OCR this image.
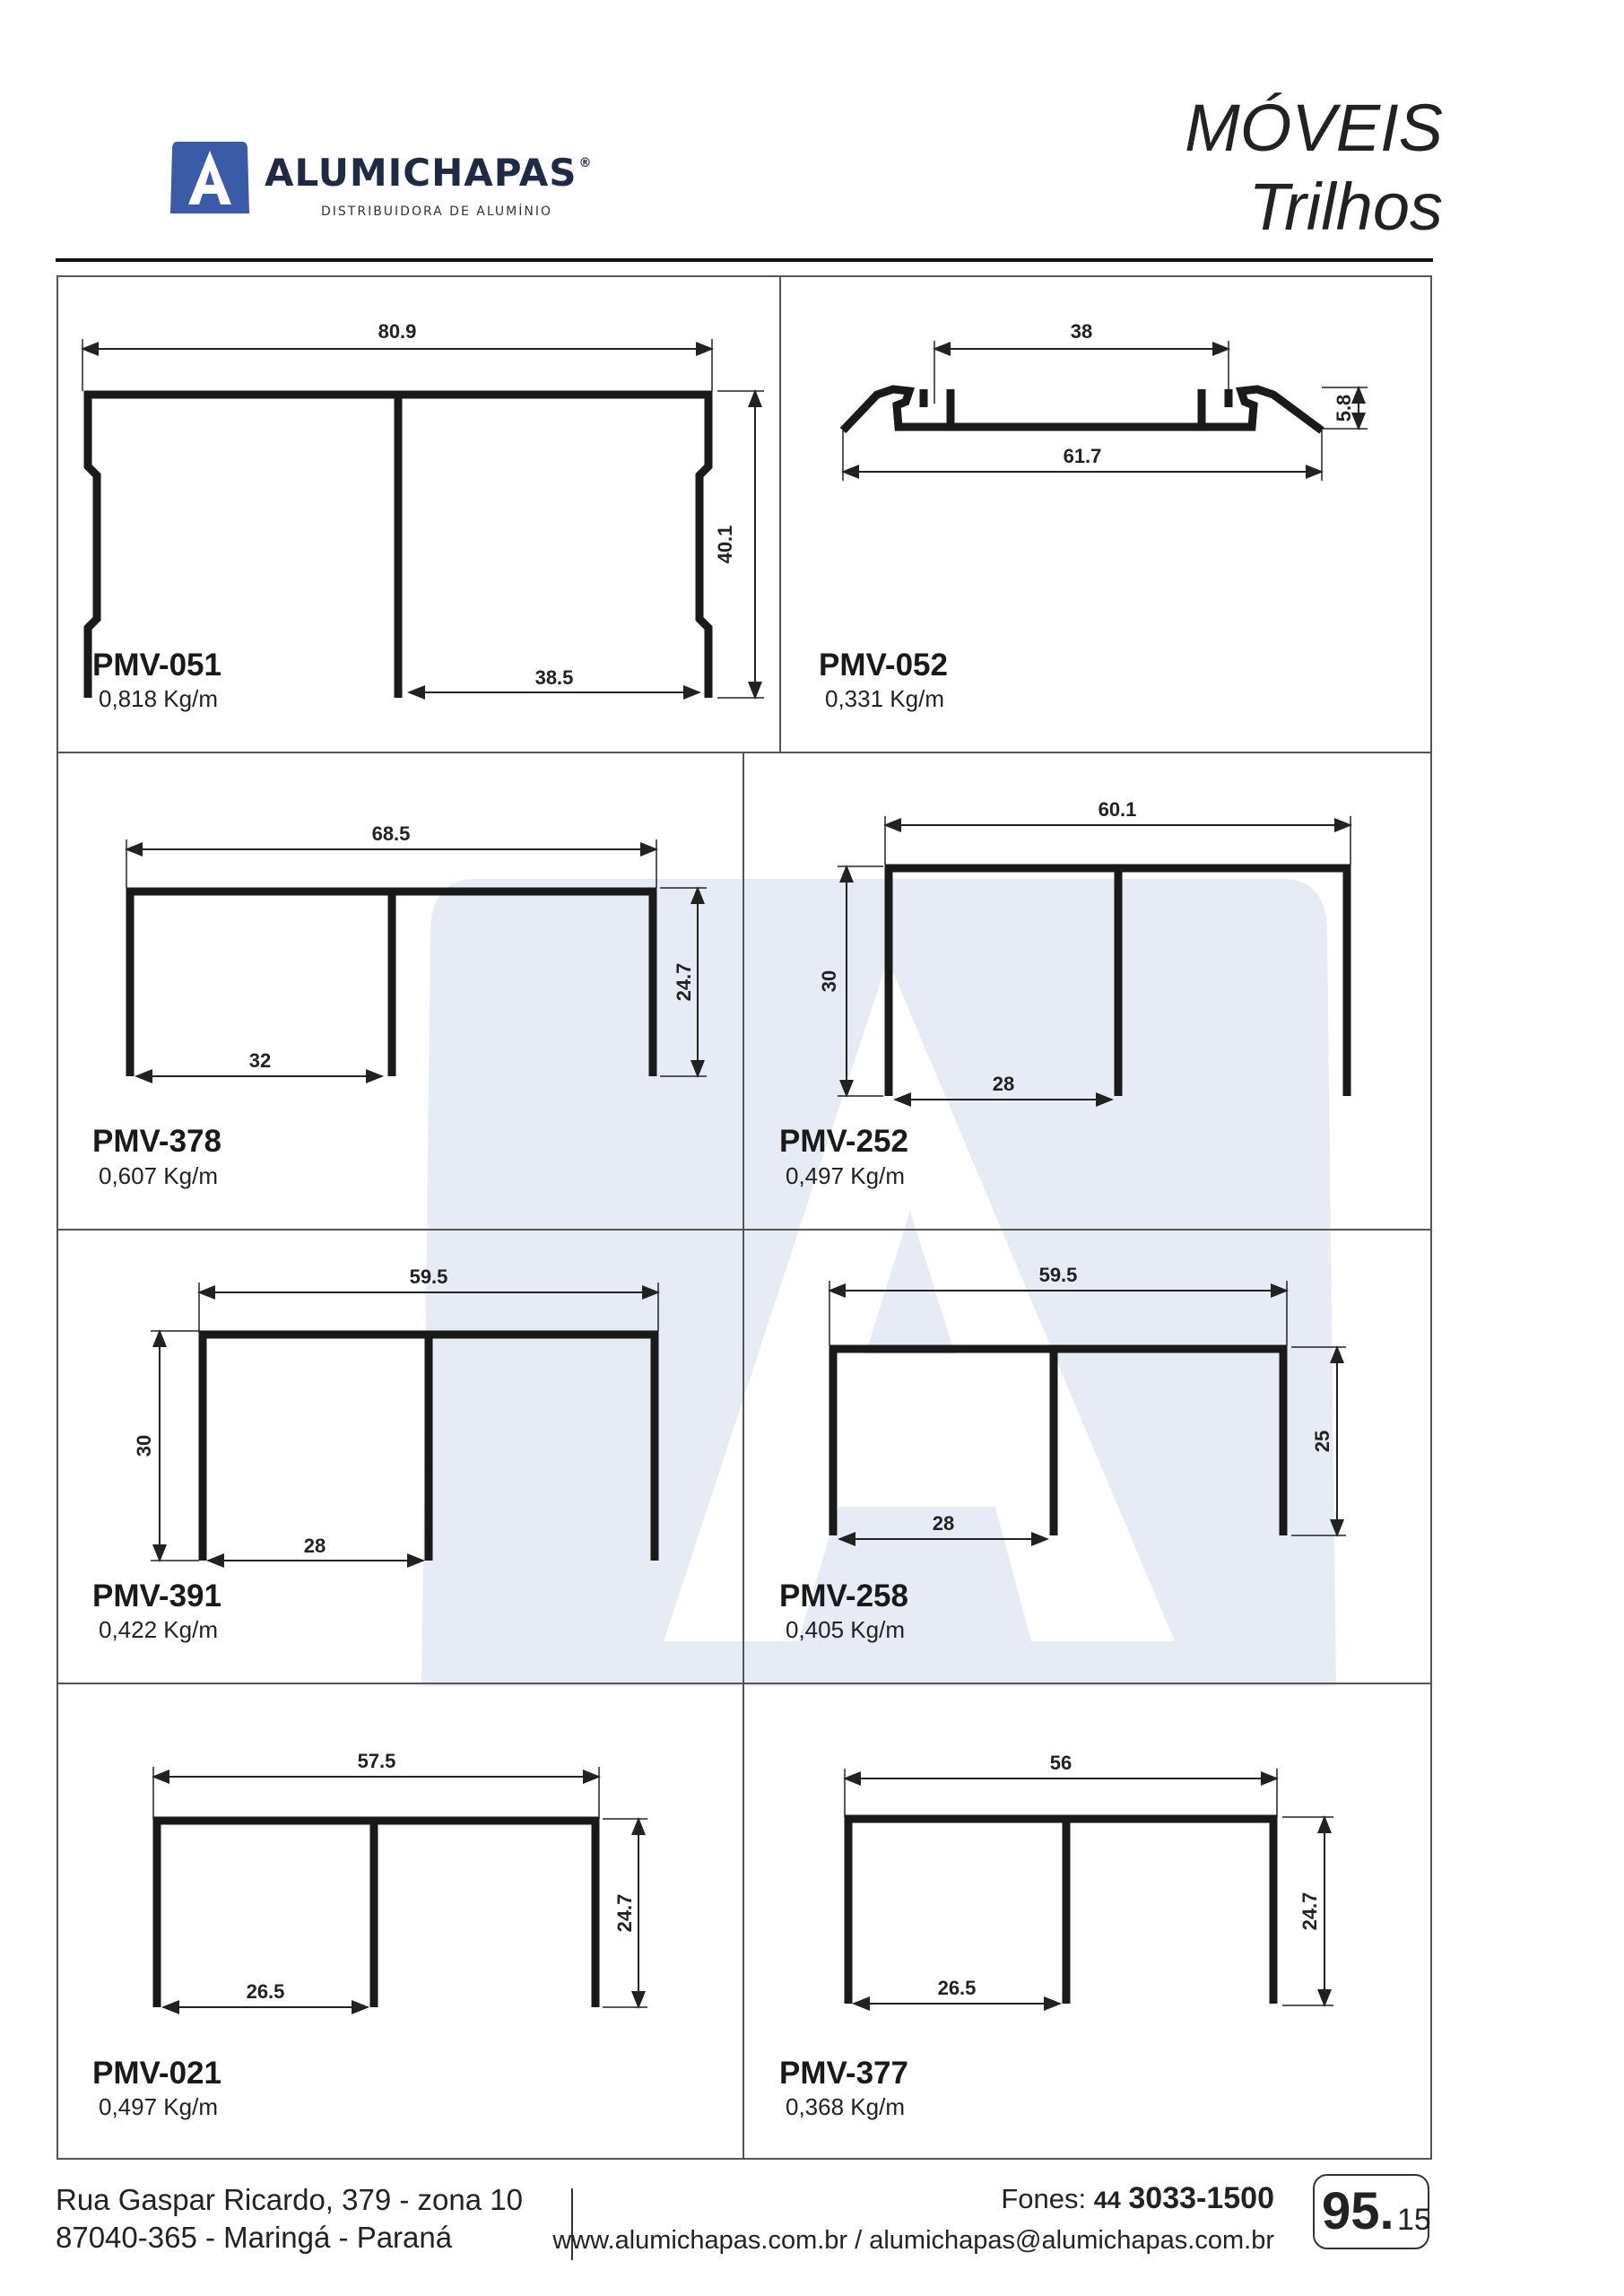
ALUMICHAPAS ®
DISTRIBUIDORA DE ALUMÍNIO
MÓVEIS
Trilhos
80.9
40.1
38.5
38
61.7
5.8
68.5
24.7
32
60.1
30
28
59.5
30
28
59.5
25
28
57.5
24.7
26.5
56
24.7
26.5
PMV-051
0,818 Kg/m
PMV-052
0,331 Kg/m
PMV-378
0,607 Kg/m
PMV-252
0,497 Kg/m
PMV-391
0,422 Kg/m
PMV-258
0,405 Kg/m
PMV-021
0,497 Kg/m
PMV-377
0,368 Kg/m
Rua Gaspar Ricardo, 379 - zona 10
87040-365 - Maringá - Paraná
Fones: 44 3033-1500
www.alumichapas.com.br / alumichapas@alumichapas.com.br 95. 15
